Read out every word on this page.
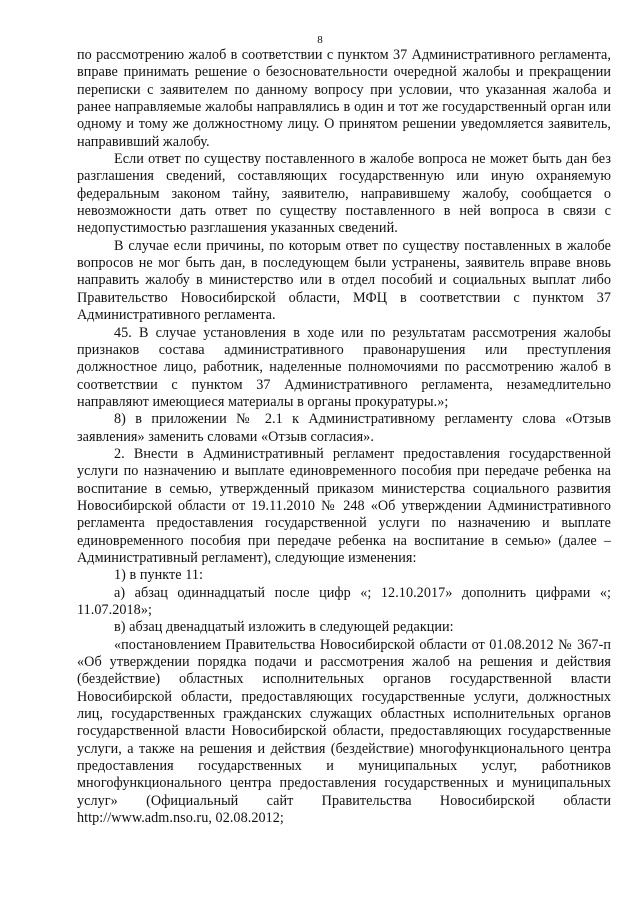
8

по рассмотрению жалоб в соответствии с пунктом 37 Административного регламента, вправе принимать решение о безосновательности очередной жалобы и прекращении переписки с заявителем по данному вопросу при условии, что указанная жалоба и ранее направляемые жалобы направлялись в один и тот же государственный орган или одному и тому же должностному лицу. О принятом решении уведомляется заявитель, направивший жалобу.

Если ответ по существу поставленного в жалобе вопроса не может быть дан без разглашения сведений, составляющих государственную или иную охраняемую федеральным законом тайну, заявителю, направившему жалобу, сообщается о невозможности дать ответ по существу поставленного в ней вопроса в связи с недопустимостью разглашения указанных сведений.

В случае если причины, по которым ответ по существу поставленных в жалобе вопросов не мог быть дан, в последующем были устранены, заявитель вправе вновь направить жалобу в министерство или в отдел пособий и социальных выплат либо Правительство Новосибирской области, МФЦ в соответствии с пунктом 37 Административного регламента.

45. В случае установления в ходе или по результатам рассмотрения жалобы признаков состава административного правонарушения или преступления должностное лицо, работник, наделенные полномочиями по рассмотрению жалоб в соответствии с пунктом 37 Административного регламента, незамедлительно направляют имеющиеся материалы в органы прокуратуры.»;

8) в приложении № 2.1 к Административному регламенту слова «Отзыв заявления» заменить словами «Отзыв согласия».

2. Внести в Административный регламент предоставления государственной услуги по назначению и выплате единовременного пособия при передаче ребенка на воспитание в семью, утвержденный приказом министерства социального развития Новосибирской области от 19.11.2010 № 248 «Об утверждении Административного регламента предоставления государственной услуги по назначению и выплате единовременного пособия при передаче ребенка на воспитание в семью» (далее – Административный регламент), следующие изменения:

1) в пункте 11:

а) абзац одиннадцатый после цифр «; 12.10.2017» дополнить цифрами «; 11.07.2018»;

в) абзац двенадцатый изложить в следующей редакции:

«постановлением Правительства Новосибирской области от 01.08.2012 № 367-п «Об утверждении порядка подачи и рассмотрения жалоб на решения и действия (бездействие) областных исполнительных органов государственной власти Новосибирской области, предоставляющих государственные услуги, должностных лиц, государственных гражданских служащих областных исполнительных органов государственной власти Новосибирской области, предоставляющих государственные услуги, а также на решения и действия (бездействие) многофункционального центра предоставления государственных и муниципальных услуг, работников многофункционального центра предоставления государственных и муниципальных услуг» (Официальный сайт Правительства Новосибирской области http://www.adm.nso.ru, 02.08.2012;
